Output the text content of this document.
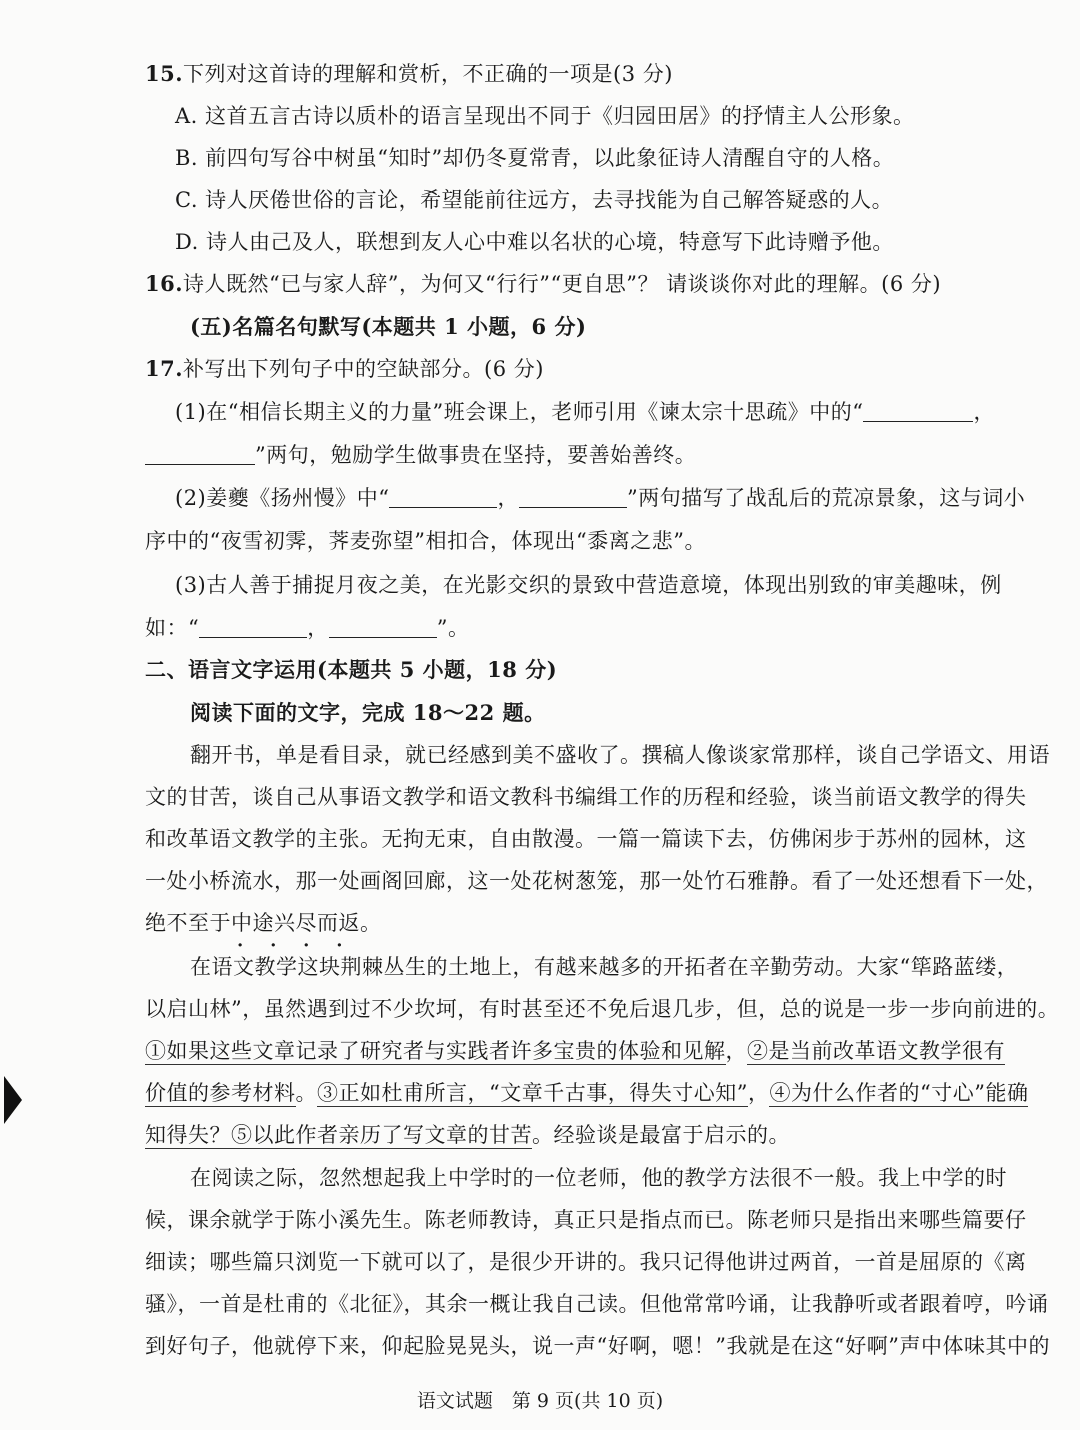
15.下列对这首诗的理解和赏析，不正确的一项是(3 分)
A. 这首五言古诗以质朴的语言呈现出不同于《归园田居》的抒情主人公形象。
B. 前四句写谷中树虽“知时”却仍冬夏常青，以此象征诗人清醒自守的人格。
C. 诗人厌倦世俗的言论，希望能前往远方，去寻找能为自己解答疑惑的人。
D. 诗人由己及人，联想到友人心中难以名状的心境，特意写下此诗赠予他。
16.诗人既然“已与家人辞”，为何又“行行”“更自思”？ 请谈谈你对此的理解。(6 分)
(五)名篇名句默写(本题共 1 小题，6 分)
17.补写出下列句子中的空缺部分。(6 分)
(1)在“相信长期主义的力量”班会课上，老师引用《谏太宗十思疏》中的“	，
”两句，勉励学生做事贵在坚持，要善始善终。
(2)姜夔《扬州慢》中“	，	”两句描写了战乱后的荒凉景象，这与词小
序中的“夜雪初霁，荠麦弥望”相扣合，体现出“黍离之悲”。
(3)古人善于捕捉月夜之美，在光影交织的景致中营造意境，体现出别致的审美趣味，例
如：“	，	”。
二、语言文字运用(本题共 5 小题，18 分)
阅读下面的文字，完成 18～22 题。
翻开书，单是看目录，就已经感到美不盛收了。撰稿人像谈家常那样，谈自己学语文、用语
文的甘苦，谈自己从事语文教学和语文教科书编缉工作的历程和经验，谈当前语文教学的得失
和改革语文教学的主张。无拘无束，自由散漫。一篇一篇读下去，仿佛闲步于苏州的园林，这
一处小桥流水，那一处画阁回廊，这一处花树葱笼，那一处竹石雅静。看了一处还想看下一处，
绝不至于中途兴尽 · ·而返。
在语文教学这块荆棘丛生的土地上，有越来越多的开拓者在辛勤劳动。大家“筚路蓝缕，
以启山林”，虽然遇到过不少坎坷，有时甚至还不免后退几步，但，总的说是一步一步向前进的。
①如果这些文章记录了研究者与实践者许多宝贵的体验和见解，②是当前改革语文教学很有
价值的参考材料。③正如杜甫所言，“文章千古事，得失寸心知”，④为什么作者的“寸心”能确
知得失？⑤以此作者亲历了写文章的甘苦。经验谈是最富于启示的。
在阅读之际，忽然想起我上中学时的一位老师，他的教学方法很不一般。我上中学的时
候，课余就学于陈小溪先生。陈老师教诗，真正只是指点而已。陈老师只是指出来哪些篇要仔
细读；哪些篇只浏览一下就可以了，是很少开讲的。我只记得他讲过两首，一首是屈原的《离
骚》，一首是杜甫的《北征》，其余一概让我自己读。但他常常吟诵，让我静听或者跟着哼，吟诵
到好句子，他就停下来，仰起脸晃晃头，说一声“好啊，嗯！”我就是在这“好啊”声中体味其中的
语文试题　第 9 页(共 10 页)
